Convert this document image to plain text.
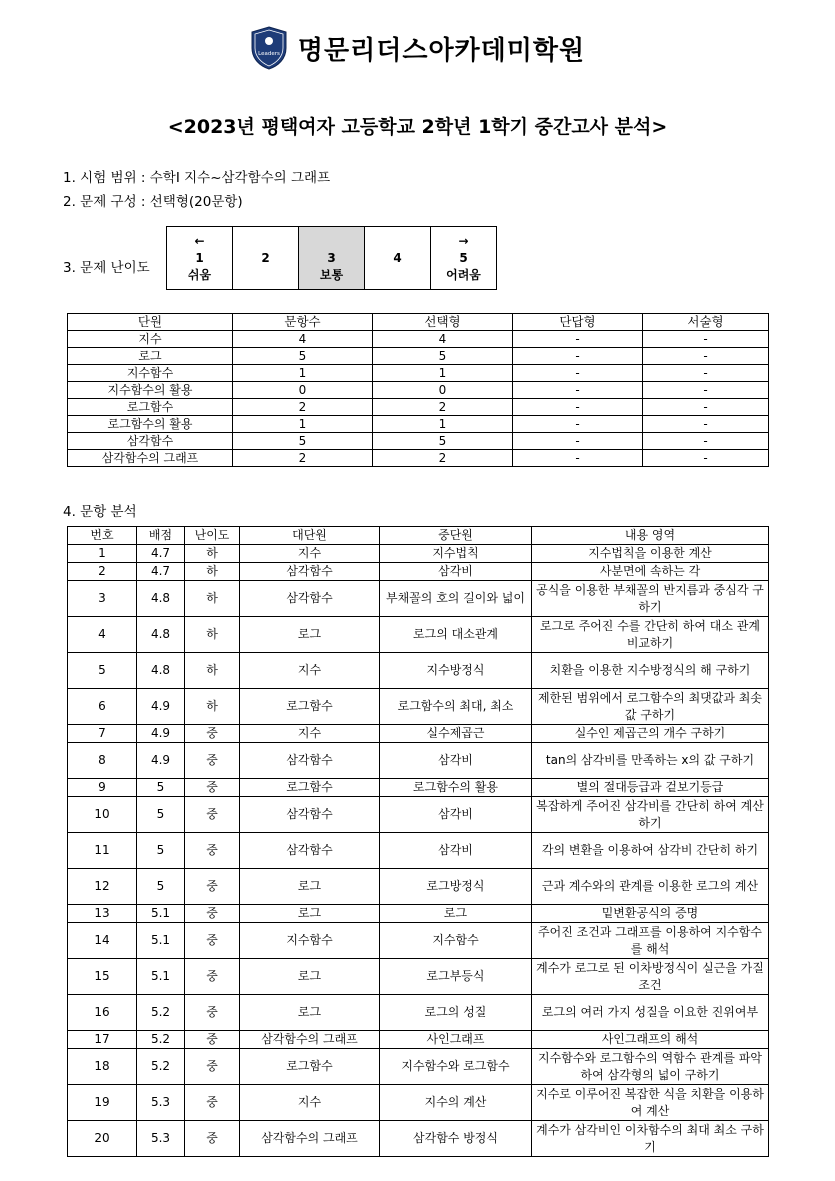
Leaders 명문리더스아카데미학원
<2023년 평택여자 고등학교 2학년 1학기 중간고사 분석>
1. 시험 범위 : 수학Ⅰ 지수~삼각함수의 그래프
2. 문제 구성 : 선택형(20문항)
3. 문제 난이도
←
1
쉬움

2	3
보통

4

→
5
어려움
단원	문항수	선택형	단답형	서술형
지수	4	4	-	-
로그	5	5	-	-
지수함수	1	1	-	-
지수함수의 활용	0	0	-	-
로그함수	2	2	-	-
로그함수의 활용	1	1	-	-
삼각함수	5	5	-	-
삼각함수의 그래프	2	2	-	-
4. 문항 분석
번호	배점	난이도	대단원	중단원	내용 영역
1	4.7	하	지수	지수법칙	지수법칙을 이용한 계산
2	4.7	하	삼각함수	삼각비	사분면에 속하는 각
3	4.8	하	삼각함수	부채꼴의 호의 길이와 넓이	공식을 이용한 부채꼴의 반지름과 중심각 구하기
4	4.8	하	로그	로그의 대소관계	로그로 주어진 수를 간단히 하여 대소 관계 비교하기
5	4.8	하	지수	지수방정식	치환을 이용한 지수방정식의 해 구하기
6	4.9	하	로그함수	로그함수의 최대, 최소	제한된 범위에서 로그함수의 최댓값과 최솟값 구하기
7	4.9	중	지수	실수제곱근	실수인 제곱근의 개수 구하기
8	4.9	중	삼각함수	삼각비	tan의 삼각비를 만족하는 x의 값 구하기
9	5	중	로그함수	로그함수의 활용	별의 절대등급과 겉보기등급
10	5	중	삼각함수	삼각비	복잡하게 주어진 삼각비를 간단히 하여 계산하기
11	5	중	삼각함수	삼각비	각의 변환을 이용하여 삼각비 간단히 하기
12	5	중	로그	로그방정식	근과 계수와의 관계를 이용한 로그의 계산
13	5.1	중	로그	로그	밑변환공식의 증명
14	5.1	중	지수함수	지수함수	주어진 조건과 그래프를 이용하여 지수함수를 해석
15	5.1	중	로그	로그부등식	계수가 로그로 된 이차방정식이 실근을 가질 조건
16	5.2	중	로그	로그의 성질	로그의 여러 가지 성질을 이요한 진위여부
17	5.2	중	삼각함수의 그래프	사인그래프	사인그래프의 해석
18	5.2	중	로그함수	지수함수와 로그함수	지수함수와 로그함수의 역함수 관계를 파악하여 삼각형의 넓이 구하기
19	5.3	중	지수	지수의 계산	지수로 이루어진 복잡한 식을 치환을 이용하여 계산
20	5.3	중	삼각함수의 그래프	삼각함수 방정식	계수가 삼각비인 이차함수의 최대 최소 구하기
